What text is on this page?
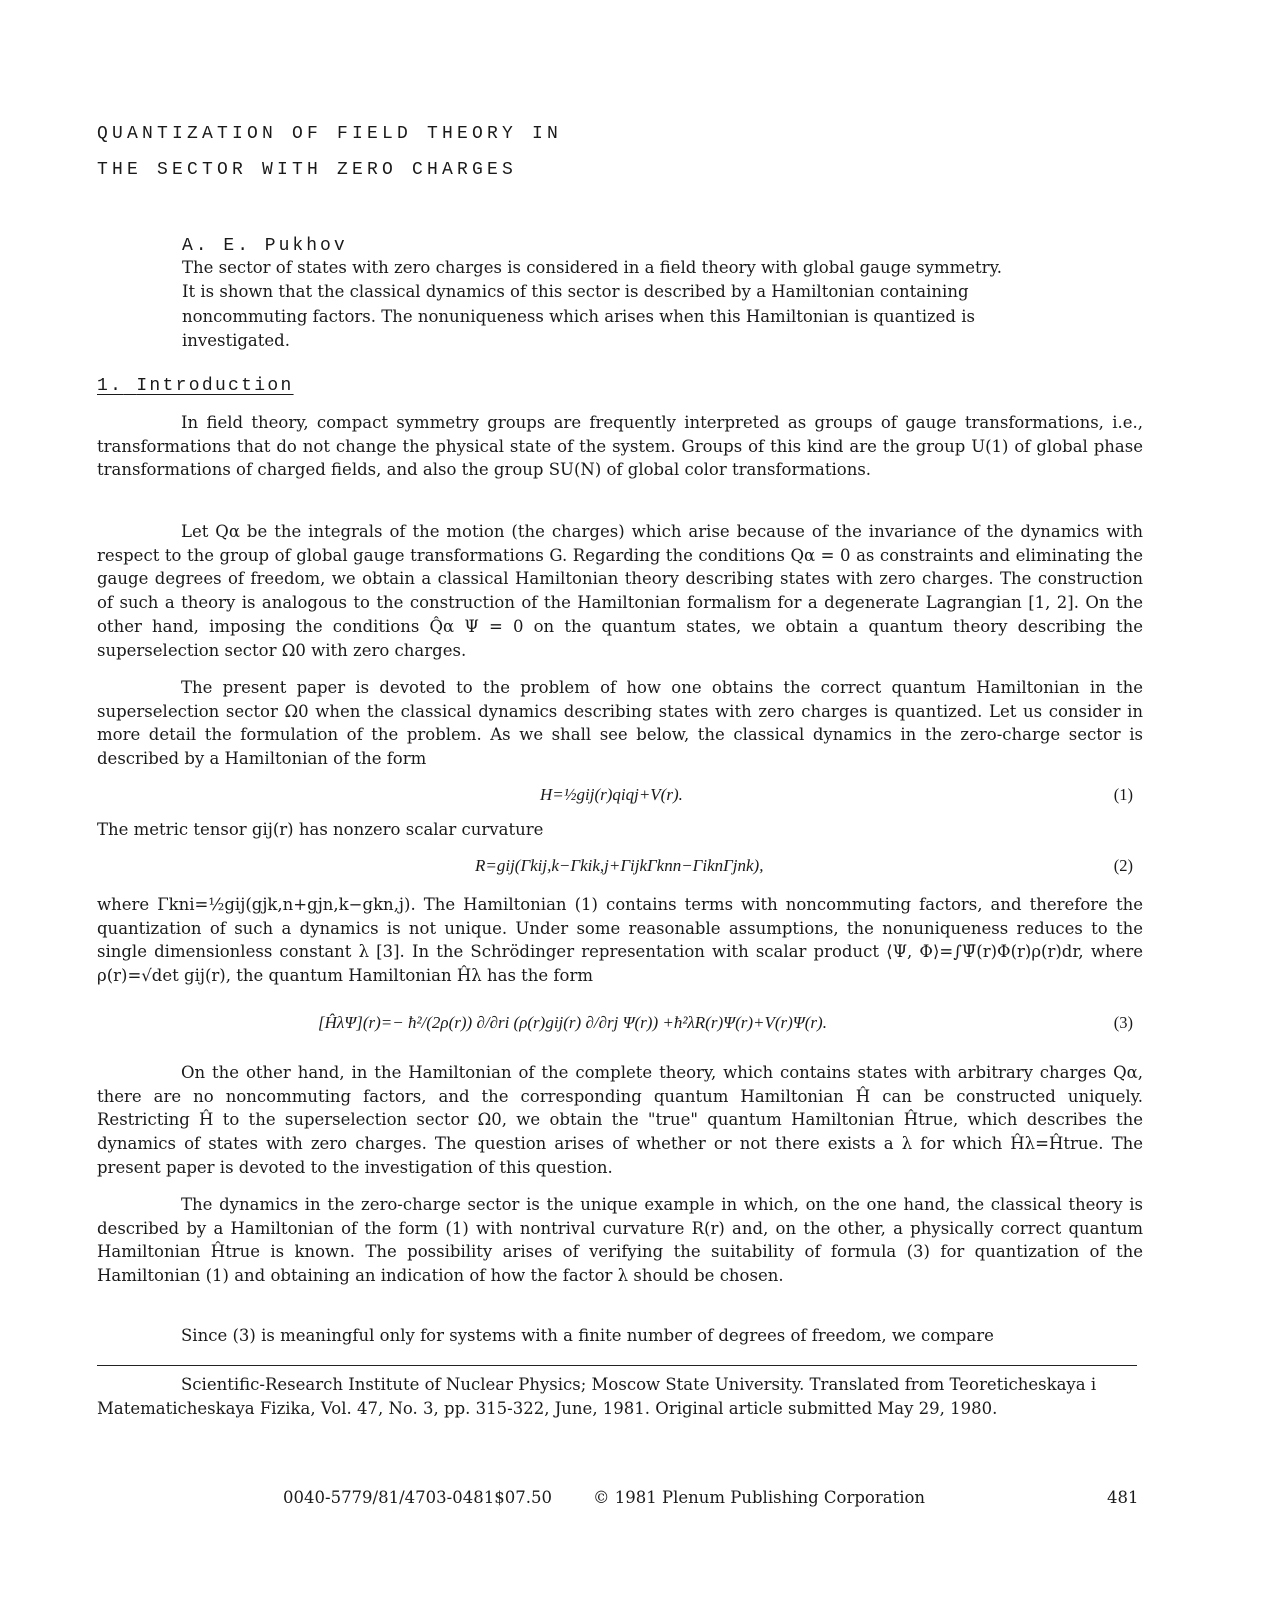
QUANTIZATION OF FIELD THEORY IN
THE SECTOR WITH ZERO CHARGES
A. E. Pukhov

The sector of states with zero charges is considered in a field theory with global gauge symmetry. It is shown that the classical dynamics of this sector is described by a Hamiltonian containing noncommuting factors. The nonuniqueness which arises when this Hamiltonian is quantized is investigated.

1. Introduction

In field theory, compact symmetry groups are frequently interpreted as groups of gauge transformations, i.e., transformations that do not change the physical state of the system. Groups of this kind are the group U(1) of global phase transformations of charged fields, and also the group SU(N) of global color transformations.

Let Qα be the integrals of the motion (the charges) which arise because of the invariance of the dynamics with respect to the group of global gauge transformations G. Regarding the conditions Qα = 0 as constraints and eliminating the gauge degrees of freedom, we obtain a classical Hamiltonian theory describing states with zero charges. The construction of such a theory is analogous to the construction of the Hamiltonian formalism for a degenerate Lagrangian [1, 2]. On the other hand, imposing the conditions Q̂α Ψ = 0 on the quantum states, we obtain a quantum theory describing the superselection sector Ω0 with zero charges.

The present paper is devoted to the problem of how one obtains the correct quantum Hamiltonian in the superselection sector Ω0 when the classical dynamics describing states with zero charges is quantized. Let us consider in more detail the formulation of the problem. As we shall see below, the classical dynamics in the zero-charge sector is described by a Hamiltonian of the form

H=½gij(r)qiqj+V(r).	(1)
The metric tensor gij(r) has nonzero scalar curvature
R=gij(Γkij,k−Γkik,j+ΓijkΓknn−ΓiknΓjnk),	(2)

where Γkni=½gij(gjk,n+gjn,k−gkn,j). The Hamiltonian (1) contains terms with noncommuting factors, and therefore the quantization of such a dynamics is not unique. Under some reasonable assumptions, the nonuniqueness reduces to the single dimensionless constant λ [3]. In the Schrödinger representation with scalar product ⟨Ψ, Φ⟩=∫Ψ̄(r)Φ(r)ρ(r)dr, where ρ(r)=√det gij(r), the quantum Hamiltonian Ĥλ has the form

[ĤλΨ](r)=− ħ²/(2ρ(r)) ∂/∂ri (ρ(r)gij(r) ∂/∂rj Ψ(r)) +ħ²λR(r)Ψ(r)+V(r)Ψ(r).	(3)

On the other hand, in the Hamiltonian of the complete theory, which contains states with arbitrary charges Qα, there are no noncommuting factors, and the corresponding quantum Hamiltonian Ĥ can be constructed uniquely. Restricting Ĥ to the superselection sector Ω0, we obtain the "true" quantum Hamiltonian Ĥtrue, which describes the dynamics of states with zero charges. The question arises of whether or not there exists a λ for which Ĥλ=Ĥtrue. The present paper is devoted to the investigation of this question.

The dynamics in the zero-charge sector is the unique example in which, on the one hand, the classical theory is described by a Hamiltonian of the form (1) with nontrival curvature R(r) and, on the other, a physically correct quantum Hamiltonian Ĥtrue is known. The possibility arises of verifying the suitability of formula (3) for quantization of the Hamiltonian (1) and obtaining an indication of how the factor λ should be chosen.

Since (3) is meaningful only for systems with a finite number of degrees of freedom, we compare

Scientific-Research Institute of Nuclear Physics; Moscow State University. Translated from Teoreticheskaya i Matematicheskaya Fizika, Vol. 47, No. 3, pp. 315-322, June, 1981. Original article submitted May 29, 1980.
0040-5779/81/4703-0481$07.50 © 1981 Plenum Publishing Corporation	481
